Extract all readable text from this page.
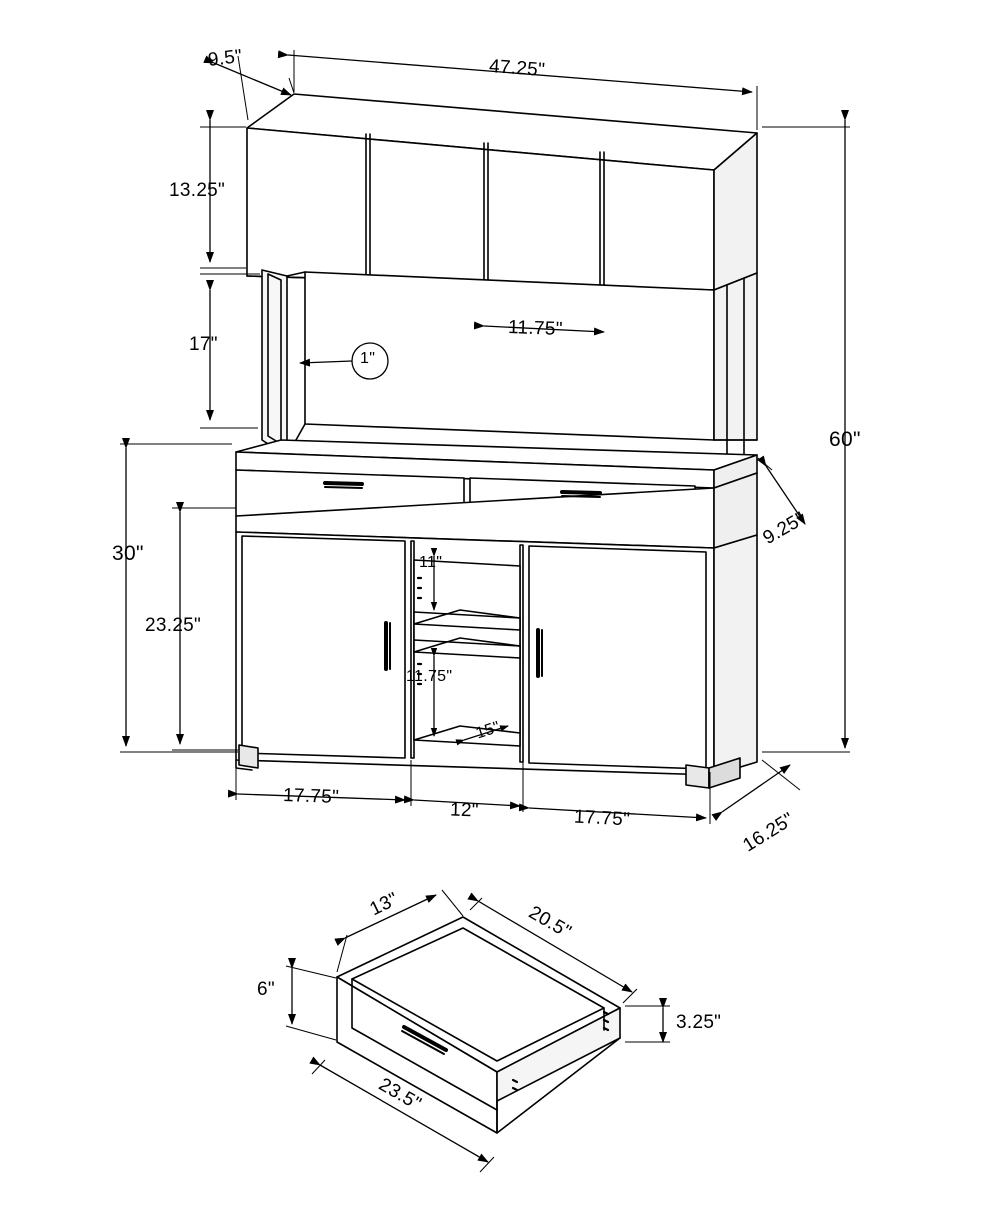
9.5"	47.25"
13.25"
17"
11.75"
1"
60"
30"
23.25"
9.25"
11"
11.75"
15"
17.75"
12"	17.75"	16.25"
13"	20.5"
6"
3.25"
23.5"
